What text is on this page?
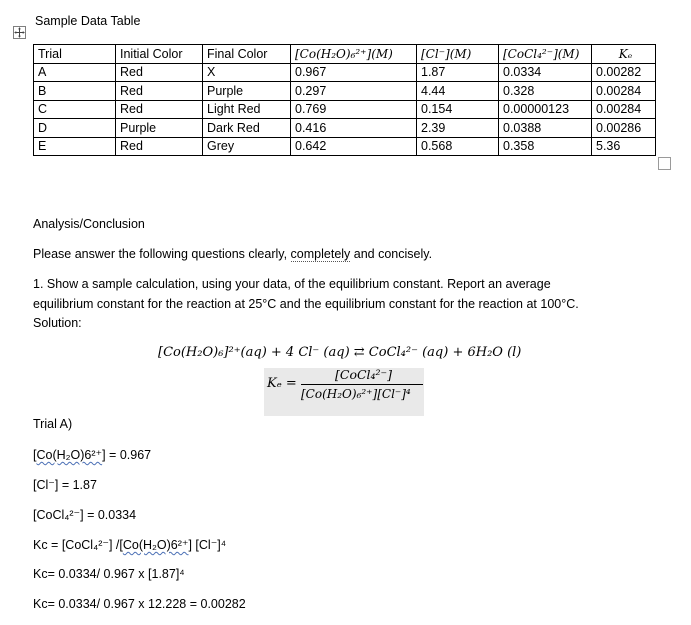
Sample Data Table
Trial	Initial Color	Final Color	[Co(H₂O)₆²⁺](M)	[Cl⁻](M)	[CoCl₄²⁻](M)	Kₑ
A	Red	X	0.967	1.87	0.0334	0.00282
B	Red	Purple	0.297	4.44	0.328	0.00284
C	Red	Light Red	0.769	0.154	0.00000123	0.00284
D	Purple	Dark Red	0.416	2.39	0.0388	0.00286
E	Red	Grey	0.642	0.568	0.358	5.36
Analysis/Conclusion
Please answer the following questions clearly, completely and concisely.
1. Show a sample calculation, using your data, of the equilibrium constant. Report an average
equilibrium constant for the reaction at 25°C and the equilibrium constant for the reaction at 100°C.
Solution:
[Co(H₂O)₆]²⁺(aq) + 4 Cl⁻ (aq) ⇄ CoCl₄²⁻ (aq) + 6H₂O (l)
Kₑ =
[CoCl₄²⁻]
[Co(H₂O)₆²⁺][Cl⁻]⁴
Trial A)
[Co(H₂O)6²⁺] = 0.967
[Cl⁻] = 1.87
[CoCl₄²⁻] = 0.0334
Kc = [CoCl₄²⁻] /[Co(H₂O)6²⁺] [Cl⁻]⁴
Kc= 0.0334/ 0.967 x [1.87]⁴
Kc= 0.0334/ 0.967 x 12.228 = 0.00282
